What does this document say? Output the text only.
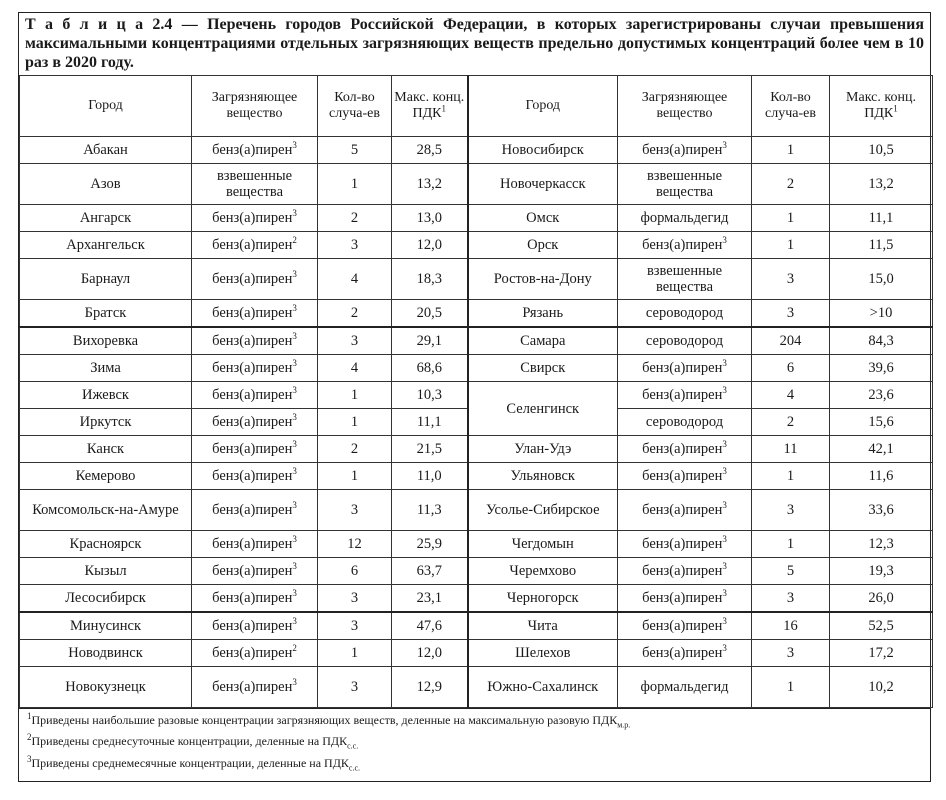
Т а б л и ц а 2.4 — Перечень городов Российской Федерации, в которых зарегистрированы случаи превышения максимальными концентрациями отдельных загрязняющих веществ предельно допустимых концентраций более чем в 10 раз в 2020 году.
Город	Загрязняющее вещество	Кол-во случа-ев	Макс. конц. ПДК$^1$	Город	Загрязняющее вещество	Кол-во случа-ев	Макс. конц. ПДК$^1$
Абакан	бенз(а)пирен$^3$	5	28,5	Новосибирск	бенз(а)пирен$^3$	1	10,5
Азов	взвешенные вещества	1	13,2	Новочеркасск	взвешенные вещества	2	13,2
Ангарск	бенз(а)пирен$^3$	2	13,0	Омск	формальдегид	1	11,1
Архангельск	бенз(а)пирен$^2$	3	12,0	Орск	бенз(а)пирен$^3$	1	11,5
Барнаул	бенз(а)пирен$^3$	4	18,3	Ростов-на-Дону	взвешенные вещества	3	15,0
Братск	бенз(а)пирен$^3$	2	20,5	Рязань	сероводород	3	>10
Вихоревка	бенз(а)пирен$^3$	3	29,1	Самара	сероводород	204	84,3
Зима	бенз(а)пирен$^3$	4	68,6	Свирск	бенз(а)пирен$^3$	6	39,6
Ижевск	бенз(а)пирен$^3$	1	10,3	Селенгинск	бенз(а)пирен$^3$	4	23,6
Иркутск	бенз(а)пирен$^3$	1	11,1		сероводород	2	15,6
Канск	бенз(а)пирен$^3$	2	21,5	Улан-Удэ	бенз(а)пирен$^3$	11	42,1
Кемерово	бенз(а)пирен$^3$	1	11,0	Ульяновск	бенз(а)пирен$^3$	1	11,6
Комсомольск-на-Амуре	бенз(а)пирен$^3$	3	11,3	Усолье-Сибирское	бенз(а)пирен$^3$	3	33,6
Красноярск	бенз(а)пирен$^3$	12	25,9	Чегдомын	бенз(а)пирен$^3$	1	12,3
Кызыл	бенз(а)пирен$^3$	6	63,7	Черемхово	бенз(а)пирен$^3$	5	19,3
Лесосибирск	бенз(а)пирен$^3$	3	23,1	Черногорск	бенз(а)пирен$^3$	3	26,0
Минусинск	бенз(а)пирен$^3$	3	47,6	Чита	бенз(а)пирен$^3$	16	52,5
Новодвинск	бенз(а)пирен$^2$	1	12,0	Шелехов	бенз(а)пирен$^3$	3	17,2
Новокузнецк	бенз(а)пирен$^3$	3	12,9	Южно-Сахалинск	формальдегид	1	10,2
$^1$Приведены наибольшие разовые концентрации загрязняющих веществ, деленные на максимальную разовую $ПДК_{м.р.}$
$^2$Приведены среднесуточные концентрации, деленные на $ПДК_{с.с.}$
$^3$Приведены среднемесячные концентрации, деленные на $ПДК_{с.с.}$
